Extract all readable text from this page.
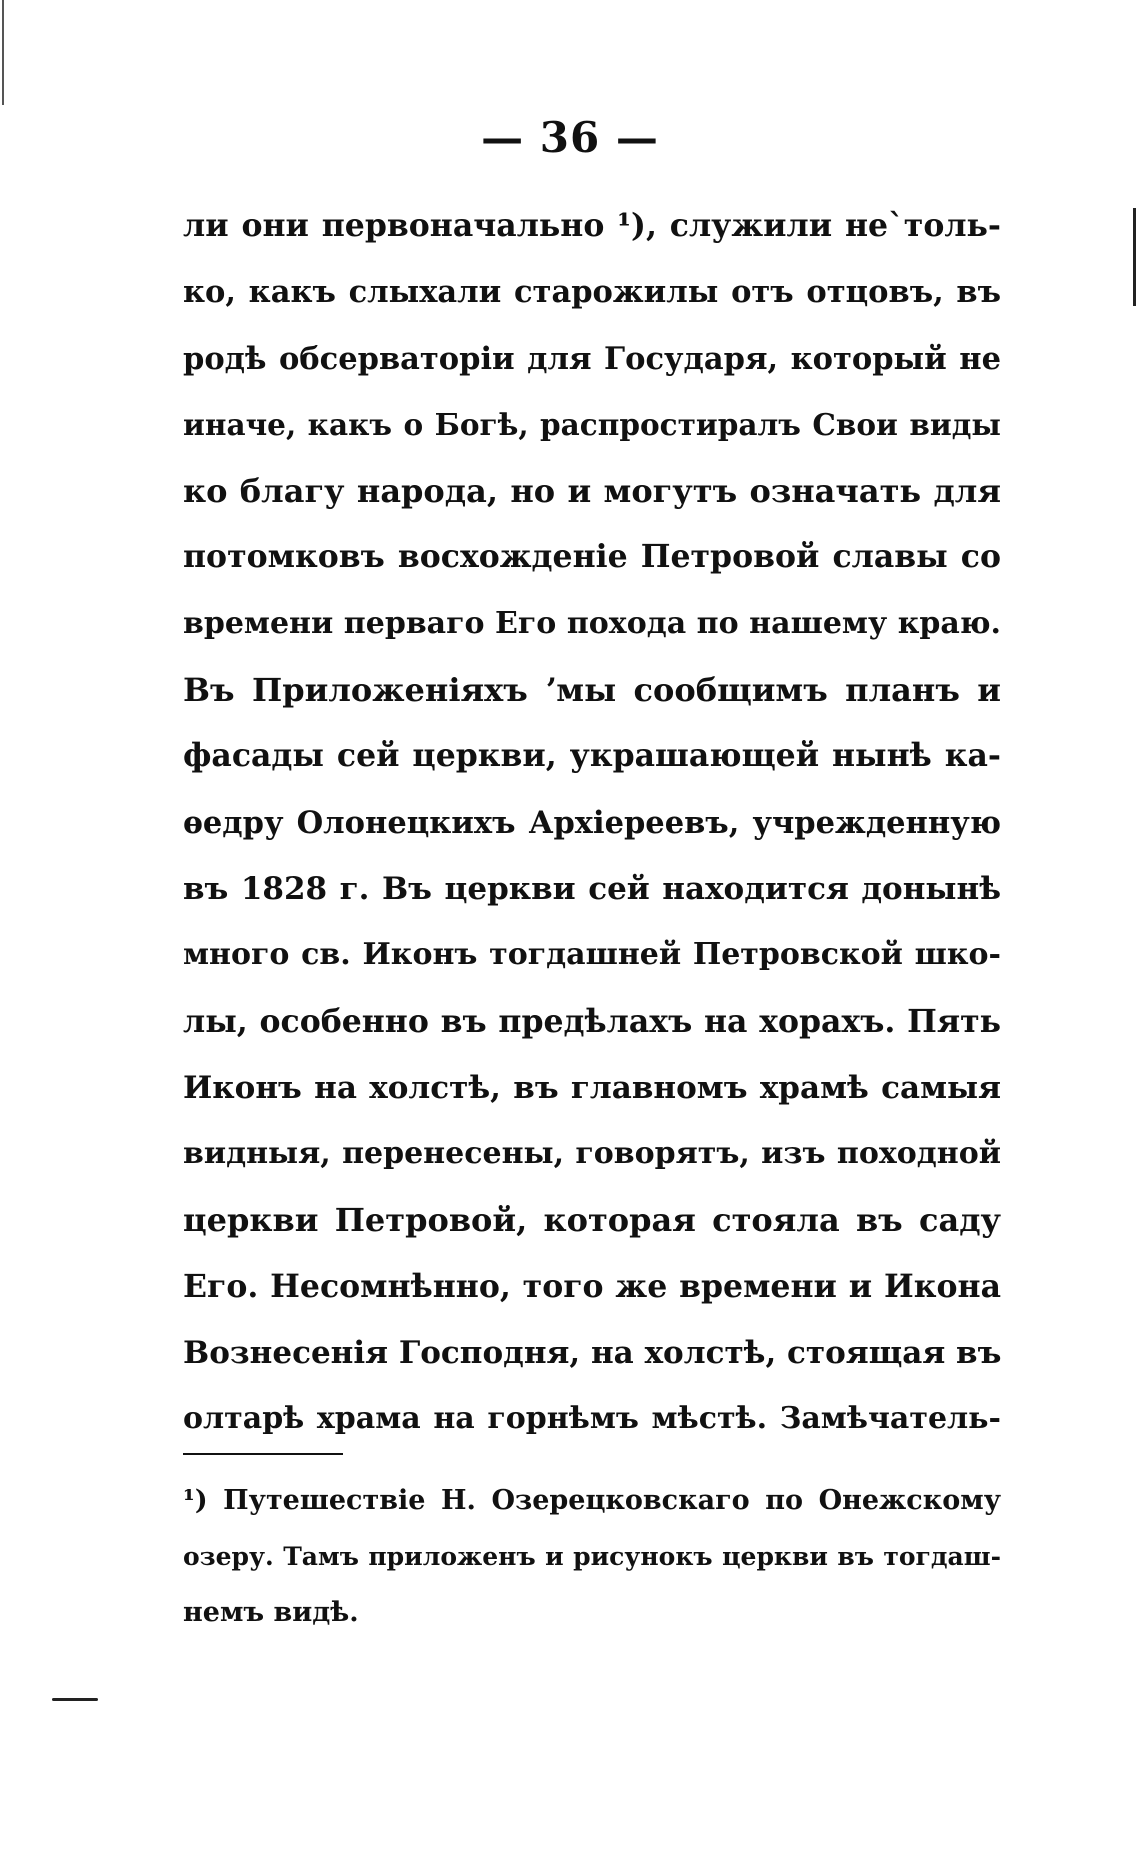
— 36 —
ли они первоначально ¹), служили не`толь-
ко, какъ слыхали старожилы отъ отцовъ, въ
родѣ обсерваторіи для Государя, который не
иначе, какъ о Богѣ, распростиралъ Свои виды
ко благу народа, но и могутъ означать для
потомковъ восхожденіе Петровой славы со
времени перваго Его похода по нашему краю.
Въ Приложеніяхъ ʼмы сообщимъ планъ и
фасады сей церкви, украшающей нынѣ ка-
ѳедру Олонецкихъ Архіереевъ, учрежденную
въ 1828 г. Въ церкви сей находится донынѣ
много св. Иконъ тогдашней Петровской шко-
лы, особенно въ предѣлахъ на хорахъ. Пять
Иконъ на холстѣ, въ главномъ храмѣ самыя
видныя, перенесены, говорятъ, изъ походной
церкви Петровой, которая стояла въ саду
Его. Несомнѣнно, того же времени и Икона
Вознесенія Господня, на холстѣ, стоящая въ
олтарѣ храма на горнѣмъ мѣстѣ. Замѣчатель-
¹) Путешествіе Н. Озерецковскаго по Онежскому
озеру. Тамъ приложенъ и рисунокъ церкви въ тогдаш-
немъ видѣ.
